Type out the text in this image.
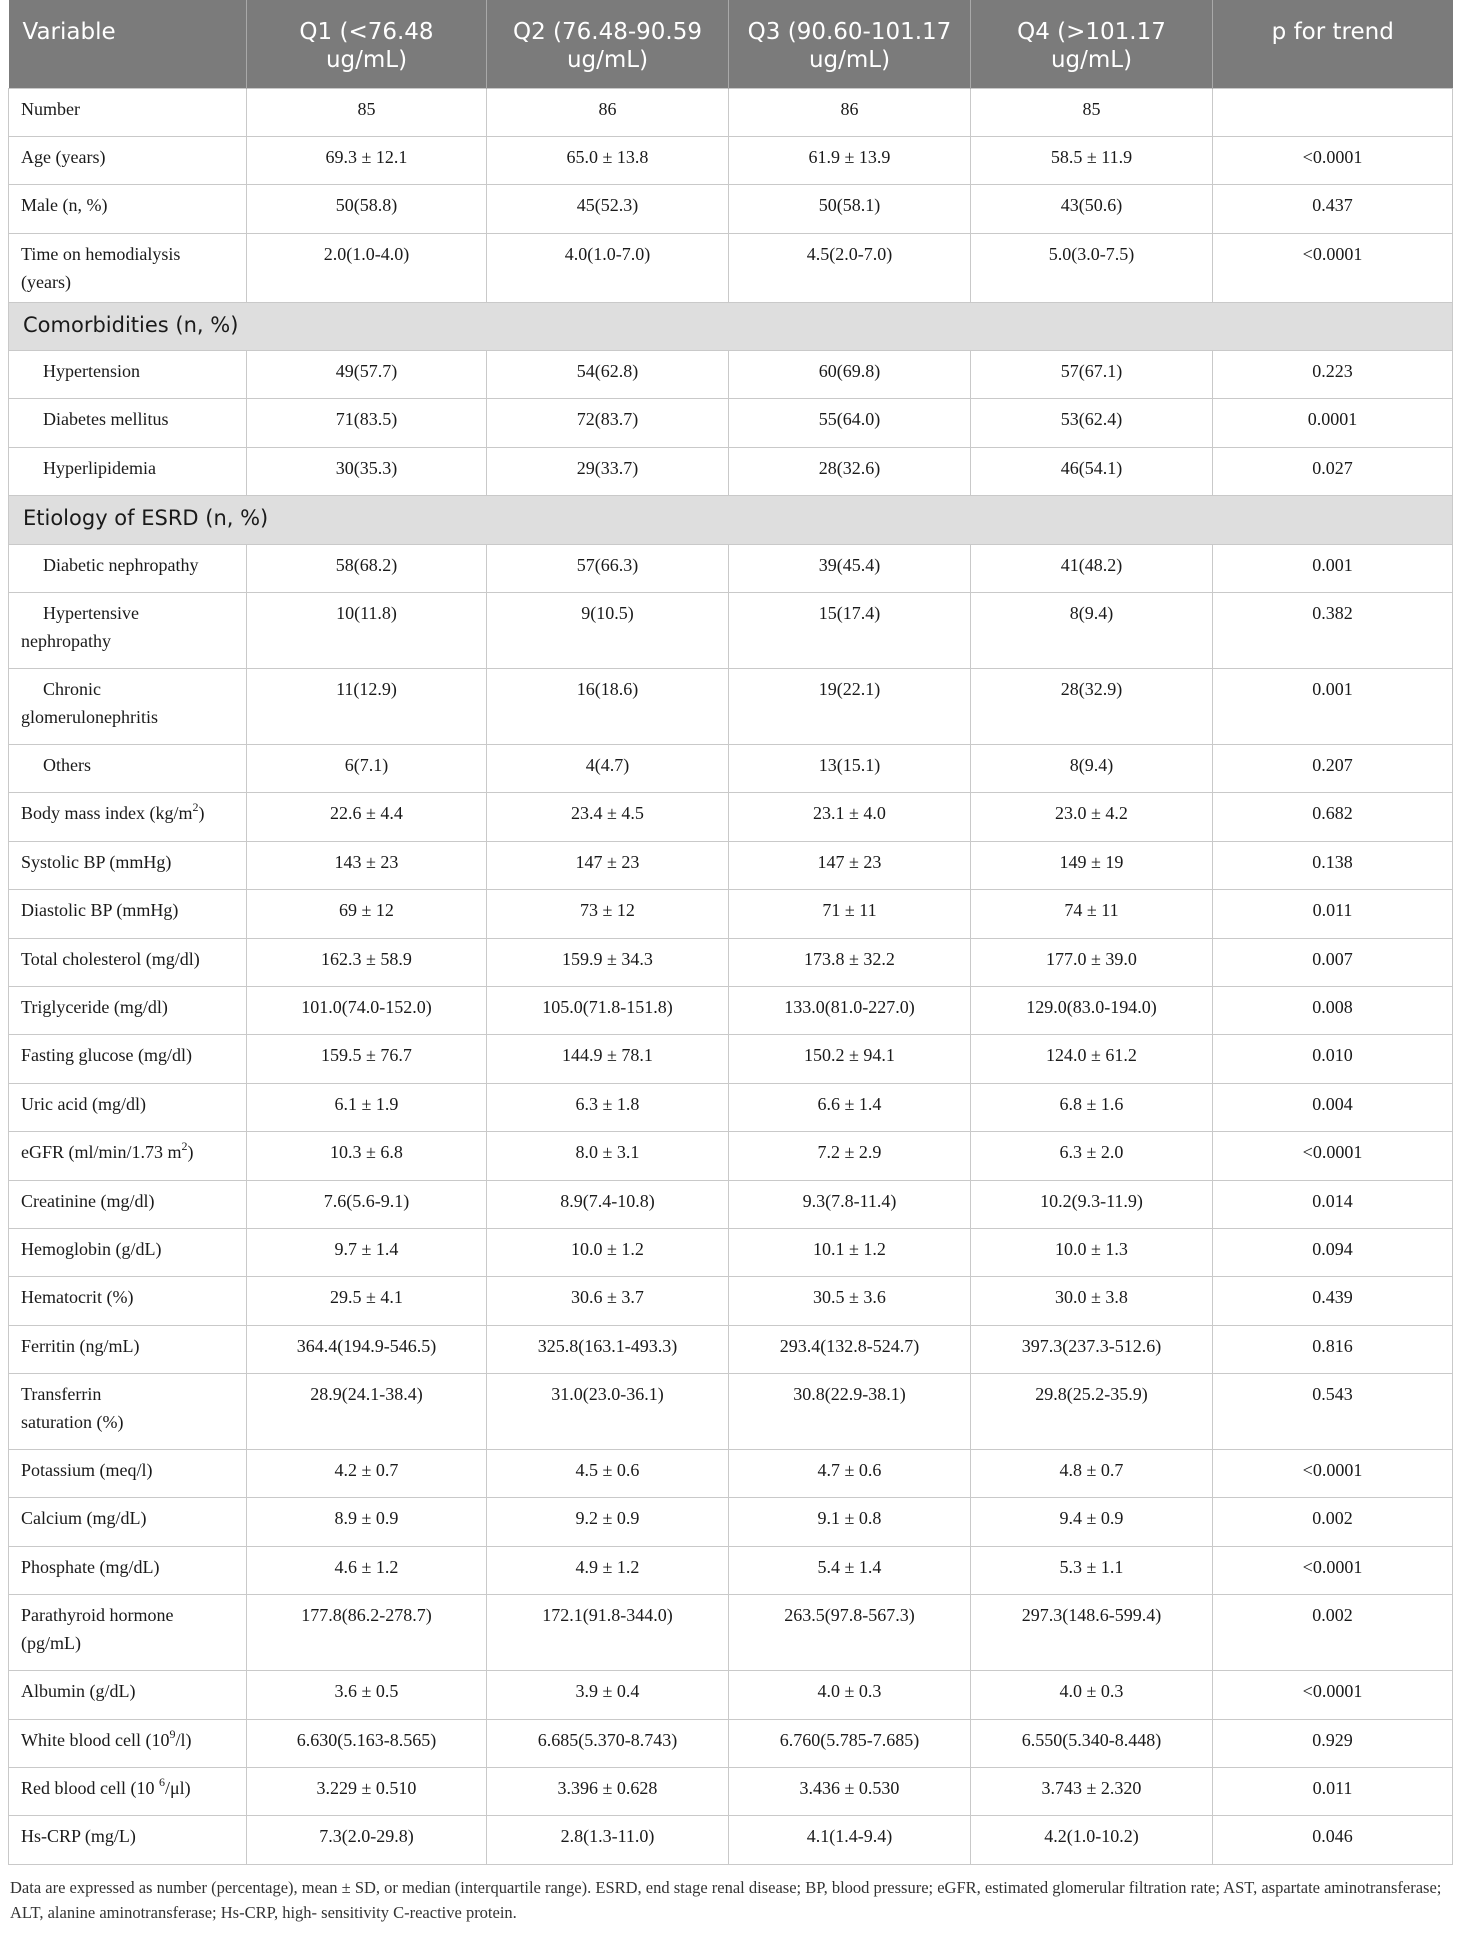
Variable	Q1 (<76.48 ug/mL)	Q2 (76.48-90.59 ug/mL)	Q3 (90.60-101.17 ug/mL)	Q4 (>101.17 ug/mL)	p for trend
Number	85	86	86	85	
Age (years)	69.3 ± 12.1	65.0 ± 13.8	61.9 ± 13.9	58.5 ± 11.9	<0.0001
Male (n, %)	50(58.8)	45(52.3)	50(58.1)	43(50.6)	0.437
Time on hemodialysis (years)	2.0(1.0-4.0)	4.0(1.0-7.0)	4.5(2.0-7.0)	5.0(3.0-7.5)	<0.0001
Comorbidities (n, %)					
Hypertension	49(57.7)	54(62.8)	60(69.8)	57(67.1)	0.223
Diabetes mellitus	71(83.5)	72(83.7)	55(64.0)	53(62.4)	0.0001
Hyperlipidemia	30(35.3)	29(33.7)	28(32.6)	46(54.1)	0.027
Etiology of ESRD (n, %)					
Diabetic nephropathy	58(68.2)	57(66.3)	39(45.4)	41(48.2)	0.001
Hypertensive
nephropathy	10(11.8)	9(10.5)	15(17.4)	8(9.4)	0.382
Chronic
glomerulonephritis	11(12.9)	16(18.6)	19(22.1)	28(32.9)	0.001
Others	6(7.1)	4(4.7)	13(15.1)	8(9.4)	0.207
Body mass index $(kg/m^2)$	22.6 ± 4.4	23.4 ± 4.5	23.1 ± 4.0	23.0 ± 4.2	0.682
Systolic BP (mmHg)	143 ± 23	147 ± 23	147 ± 23	149 ± 19	0.138
Diastolic BP (mmHg)	69 ± 12	73 ± 12	71 ± 11	74 ± 11	0.011
Total cholesterol (mg/dl)	162.3 ± 58.9	159.9 ± 34.3	173.8 ± 32.2	177.0 ± 39.0	0.007
Triglyceride (mg/dl)	101.0(74.0-152.0)	105.0(71.8-151.8)	133.0(81.0-227.0)	129.0(83.0-194.0)	0.008
Fasting glucose (mg/dl)	159.5 ± 76.7	144.9 ± 78.1	150.2 ± 94.1	124.0 ± 61.2	0.010
Uric acid (mg/dl)	6.1 ± 1.9	6.3 ± 1.8	6.6 ± 1.4	6.8 ± 1.6	0.004
eGFR (ml/min/1.73 $m^2$)	10.3 ± 6.8	8.0 ± 3.1	7.2 ± 2.9	6.3 ± 2.0	<0.0001
Creatinine (mg/dl)	7.6(5.6-9.1)	8.9(7.4-10.8)	9.3(7.8-11.4)	10.2(9.3-11.9)	0.014
Hemoglobin (g/dL)	9.7 ± 1.4	10.0 ± 1.2	10.1 ± 1.2	10.0 ± 1.3	0.094
Hematocrit (%)	29.5 ± 4.1	30.6 ± 3.7	30.5 ± 3.6	30.0 ± 3.8	0.439
Ferritin (ng/mL)	364.4(194.9-546.5)	325.8(163.1-493.3)	293.4(132.8-524.7)	397.3(237.3-512.6)	0.816
Transferrin
saturation (%)	28.9(24.1-38.4)	31.0(23.0-36.1)	30.8(22.9-38.1)	29.8(25.2-35.9)	0.543
Potassium (meq/l)	4.2 ± 0.7	4.5 ± 0.6	4.7 ± 0.6	4.8 ± 0.7	<0.0001
Calcium (mg/dL)	8.9 ± 0.9	9.2 ± 0.9	9.1 ± 0.8	9.4 ± 0.9	0.002
Phosphate (mg/dL)	4.6 ± 1.2	4.9 ± 1.2	5.4 ± 1.4	5.3 ± 1.1	<0.0001
Parathyroid hormone
(pg/mL)	177.8(86.2-278.7)	172.1(91.8-344.0)	263.5(97.8-567.3)	297.3(148.6-599.4)	0.002
Albumin (g/dL)	3.6 ± 0.5	3.9 ± 0.4	4.0 ± 0.3	4.0 ± 0.3	<0.0001
White blood cell $(10^9/l)$	6.630(5.163-8.565)	6.685(5.370-8.743)	6.760(5.785-7.685)	6.550(5.340-8.448)	0.929
Red blood cell (10 $^6$/μl)	3.229 ± 0.510	3.396 ± 0.628	3.436 ± 0.530	3.743 ± 2.320	0.011
Hs-CRP (mg/L)	7.3(2.0-29.8)	2.8(1.3-11.0)	4.1(1.4-9.4)	4.2(1.0-10.2)	0.046
Data are expressed as number (percentage), mean ± SD, or median (interquartile range). ESRD, end stage renal disease; BP, blood pressure; eGFR, estimated glomerular filtration rate; AST, aspartate aminotransferase; ALT, alanine aminotransferase; Hs-CRP, high- sensitivity C-reactive protein.
